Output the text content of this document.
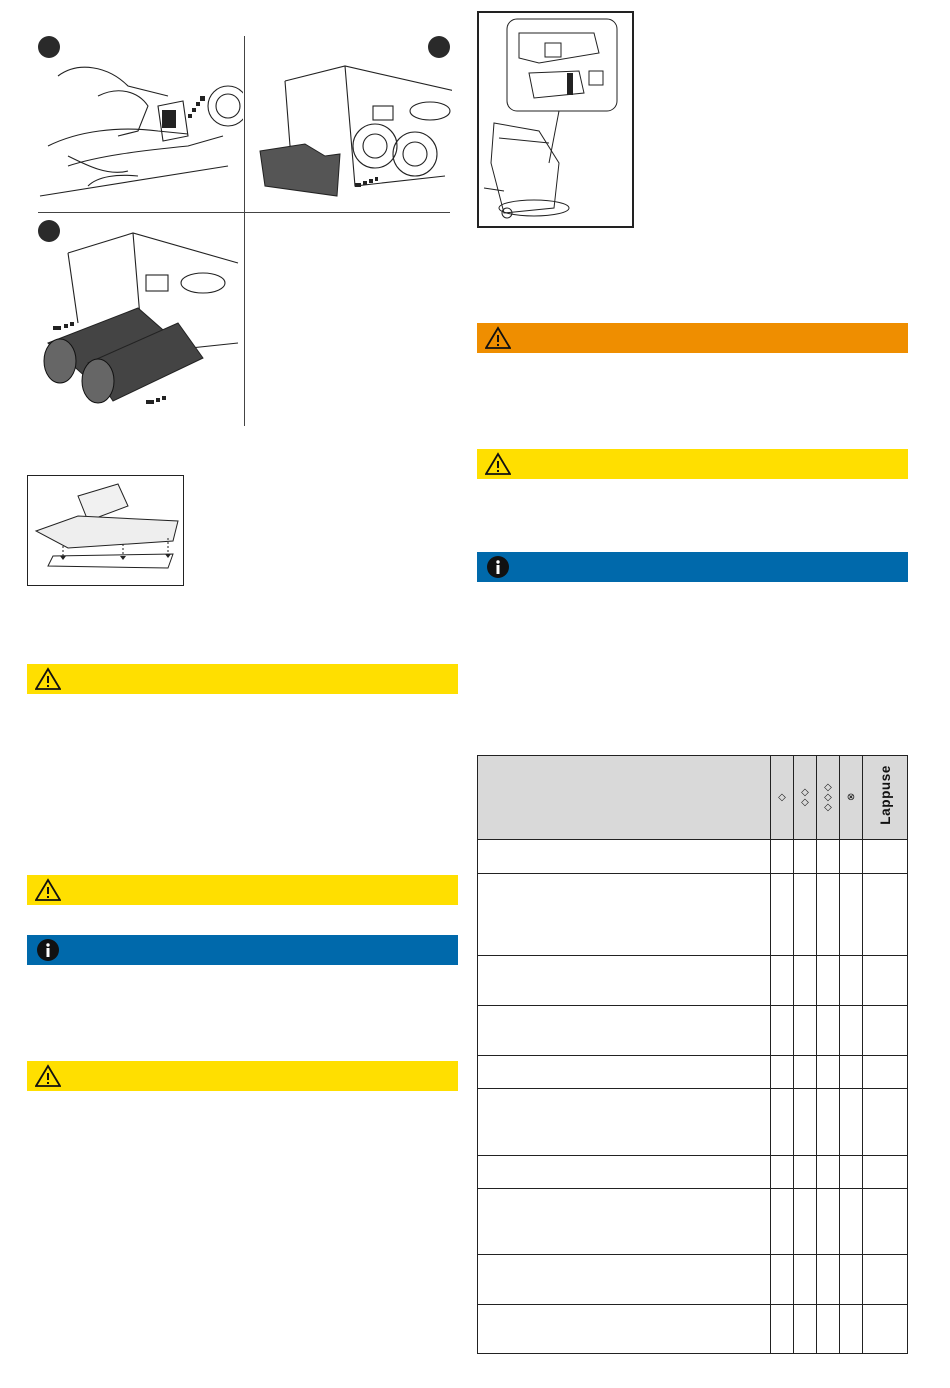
	◇	◇◇	◇◇◇	⊗	Lappuse
